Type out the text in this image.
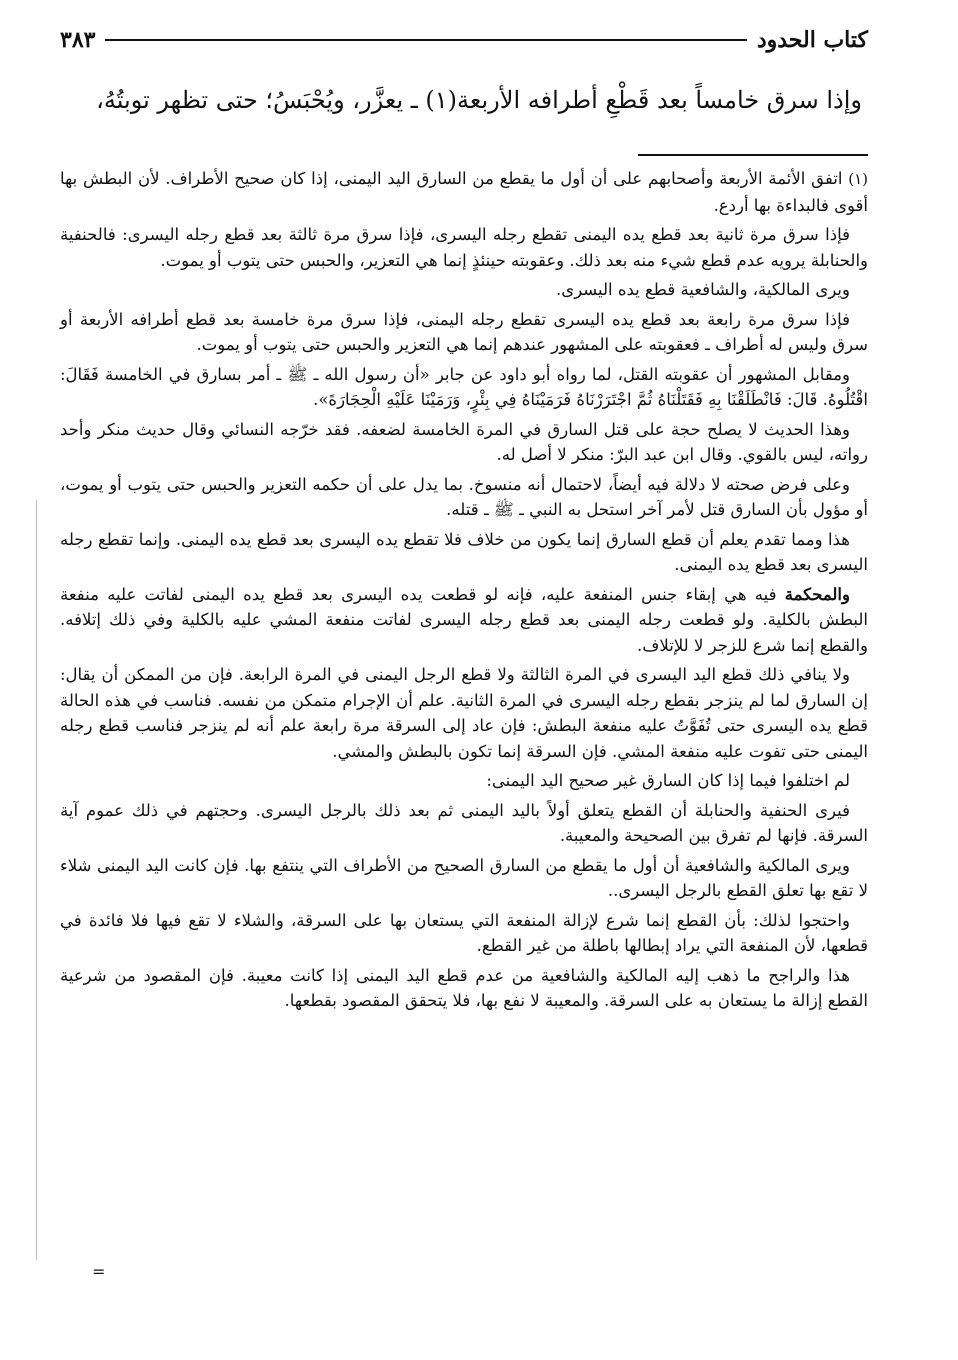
كتاب الحدود
٣٨٣
وإذا سرق خامساً بعد قَطْعِ أطرافه الأربعة(١) ـ يعزَّر، ويُحْبَسُ؛ حتى تظهر توبتُهُ،

(١) اتفق الأئمة الأربعة وأصحابهم على أن أول ما يقطع من السارق اليد اليمنى، إذا كان صحيح الأطراف. لأن البطش بها أقوى فالبداءة بها أردع.

فإذا سرق مرة ثانية بعد قطع يده اليمنى تقطع رجله اليسرى، فإذا سرق مرة ثالثة بعد قطع رجله اليسرى: فالحنفية والحنابلة يرويه عدم قطع شيء منه بعد ذلك. وعقوبته حينئذٍ إنما هي التعزير، والحبس حتى يتوب أو يموت.

ويرى المالكية، والشافعية قطع يده اليسرى.

فإذا سرق مرة رابعة بعد قطع يده اليسرى تقطع رجله اليمنى، فإذا سرق مرة خامسة بعد قطع أطرافه الأربعة أو سرق وليس له أطراف ـ فعقوبته على المشهور عندهم إنما هي التعزير والحبس حتى يتوب أو يموت.

ومقابل المشهور أن عقوبته القتل، لما رواه أبو داود عن جابر «أن رسول الله ـ ﷺ ـ أمر بسارق في الخامسة فَقَالَ: اقْتُلُوهُ. قَالَ: فَانْطَلَقْنَا بِهِ فَقَتَلْنَاهُ ثُمَّ اجْتَرَرْنَاهُ فَرَمَيْنَاهُ فِي بِئْرٍ، وَرَمَيْنَا عَلَيْهِ الْحِجَارَةَ».

وهذا الحديث لا يصلح حجة على قتل السارق في المرة الخامسة لضعفه. فقد خرّجه النسائي وقال حديث منكر وأحد رواته، ليس بالقوي. وقال ابن عبد البرّ: منكر لا أصل له.

وعلى فرض صحته لا دلالة فيه أيضاً، لاحتمال أنه منسوخ. بما يدل على أن حكمه التعزير والحبس حتى يتوب أو يموت، أو مؤول بأن السارق قتل لأمر آخر استحل به النبي ـ ﷺ ـ قتله.

هذا ومما تقدم يعلم أن قطع السارق إنما يكون من خلاف فلا تقطع يده اليسرى بعد قطع يده اليمنى. وإنما تقطع رجله اليسرى بعد قطع يده اليمنى.

والمحكمة فيه هي إبقاء جنس المنفعة عليه، فإنه لو قطعت يده اليسرى بعد قطع يده اليمنى لفاتت عليه منفعة البطش بالكلية. ولو قطعت رجله اليمنى بعد قطع رجله اليسرى لفاتت منفعة المشي عليه بالكلية وفي ذلك إتلافه. والقطع إنما شرع للزجر لا للإتلاف.

ولا ينافي ذلك قطع اليد اليسرى في المرة الثالثة ولا قطع الرجل اليمنى في المرة الرابعة. فإن من الممكن أن يقال: إن السارق لما لم ينزجر بقطع رجله اليسرى في المرة الثانية. علم أن الإجرام متمكن من نفسه. فناسب في هذه الحالة قطع يده اليسرى حتى تُفَوَّتُ عليه منفعة البطش: فإن عاد إلى السرقة مرة رابعة علم أنه لم ينزجر فناسب قطع رجله اليمنى حتى تفوت عليه منفعة المشي. فإن السرقة إنما تكون بالبطش والمشي.

لم اختلفوا فيما إذا كان السارق غير صحيح اليد اليمنى:

فيرى الحنفية والحنابلة أن القطع يتعلق أولاً باليد اليمنى ثم بعد ذلك بالرجل اليسرى. وحجتهم في ذلك عموم آية السرقة. فإنها لم تفرق بين الصحيحة والمعيبة.

ويرى المالكية والشافعية أن أول ما يقطع من السارق الصحيح من الأطراف التي ينتفع بها. فإن كانت اليد اليمنى شلاء لا تقع بها تعلق القطع بالرجل اليسرى..

واحتجوا لذلك: بأن القطع إنما شرع لإزالة المنفعة التي يستعان بها على السرقة، والشلاء لا تقع فيها فلا فائدة في قطعها، لأن المنفعة التي يراد إبطالها باطلة من غير القطع.

هذا والراجح ما ذهب إليه المالكية والشافعية من عدم قطع اليد اليمنى إذا كانت معيبة. فإن المقصود من شرعية القطع إزالة ما يستعان به على السرقة. والمعيبة لا نفع بها، فلا يتحقق المقصود بقطعها.

=
